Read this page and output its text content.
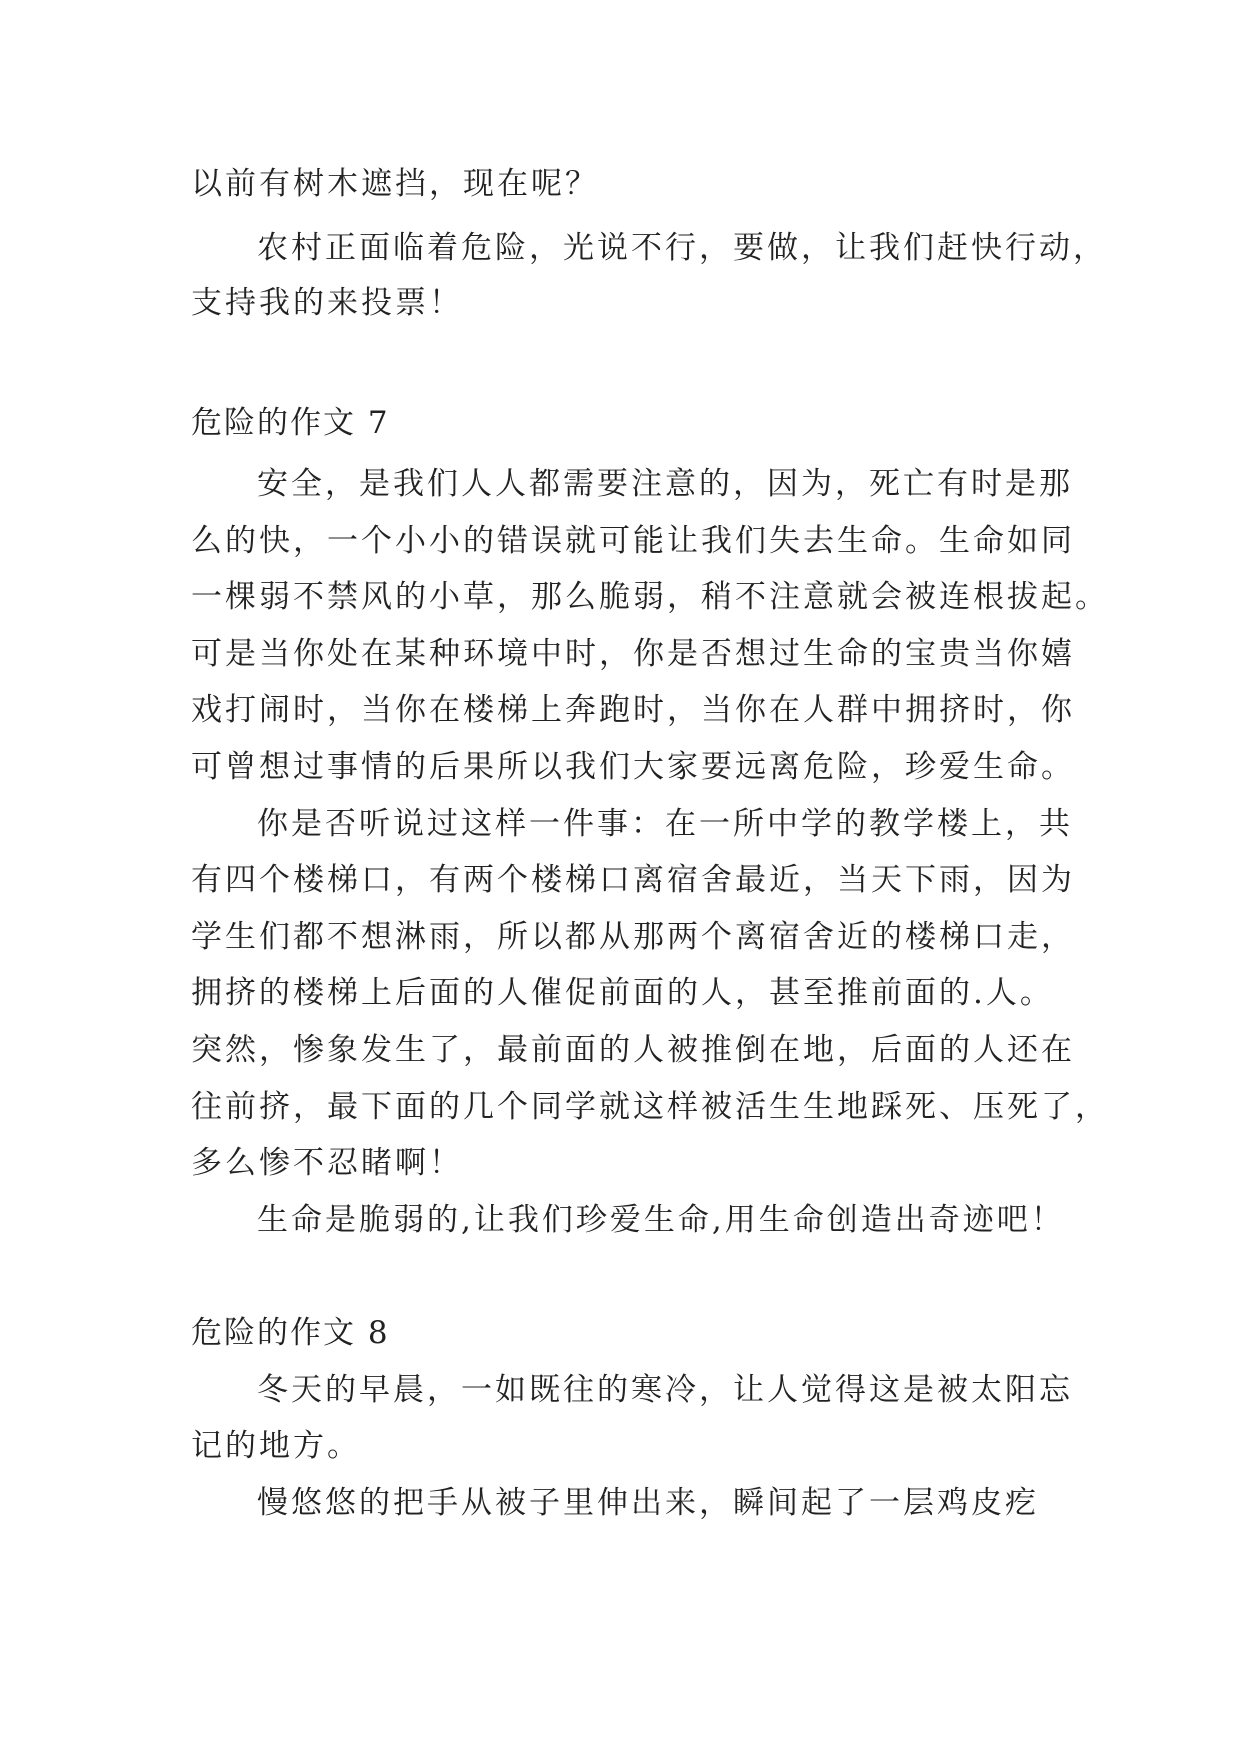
以前有树木遮挡，现在呢？
农村正面临着危险，光说不行，要做，让我们赶快行动，
支持我的来投票！
危险的作文 7
安全，是我们人人都需要注意的，因为，死亡有时是那
么的快，一个小小的错误就可能让我们失去生命。生命如同
一棵弱不禁风的小草，那么脆弱，稍不注意就会被连根拔起。
可是当你处在某种环境中时，你是否想过生命的宝贵当你嬉
戏打闹时，当你在楼梯上奔跑时，当你在人群中拥挤时，你
可曾想过事情的后果所以我们大家要远离危险，珍爱生命。
你是否听说过这样一件事：在一所中学的教学楼上，共
有四个楼梯口，有两个楼梯口离宿舍最近，当天下雨，因为
学生们都不想淋雨，所以都从那两个离宿舍近的楼梯口走，
拥挤的楼梯上后面的人催促前面的人，甚至推前面的.人。
突然，惨象发生了，最前面的人被推倒在地，后面的人还在
往前挤，最下面的几个同学就这样被活生生地踩死、压死了，
多么惨不忍睹啊！
生命是脆弱的,让我们珍爱生命,用生命创造出奇迹吧！
危险的作文 8
冬天的早晨，一如既往的寒冷，让人觉得这是被太阳忘
记的地方。
慢悠悠的把手从被子里伸出来，瞬间起了一层鸡皮疙
